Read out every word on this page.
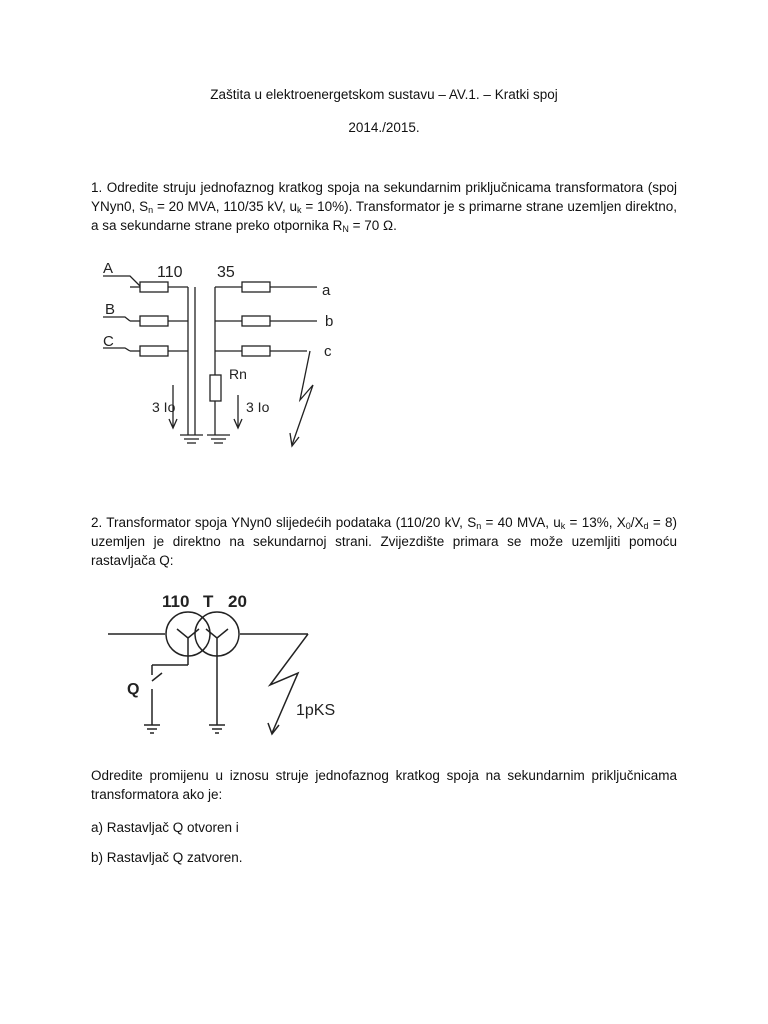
Zaštita u elektroenergetskom sustavu – AV.1. – Kratki spoj
2014./2015.
1. Odredite struju jednofaznog kratkog spoja na sekundarnim priključnicama transformatora (spoj YNyn0, $S_n = 20$ MVA, 110/35 kV, $u_k = 10\%$). Transformator je s primarne strane uzemljen direktno, a sa sekundarne strane preko otpornika $R_N = 70$ Ω.
A
B
C
110 35
a
b
c
Rn
3 Io	3 Io
2. Transformator spoja YNyn0 slijedećih podataka (110/20 kV, $S_n = 40$ MVA, $u_k = 13\%$, $X_0/X_d = 8$) uzemljen je direktno na sekundarnoj strani. Zvijezdište primara se može uzemljiti pomoću rastavljača Q:
110 T 20
Q
1pKS
Odredite promijenu u iznosu struje jednofaznog kratkog spoja na sekundarnim priključnicama transformatora ako je:
a) Rastavljač Q otvoren i
b) Rastavljač Q zatvoren.
